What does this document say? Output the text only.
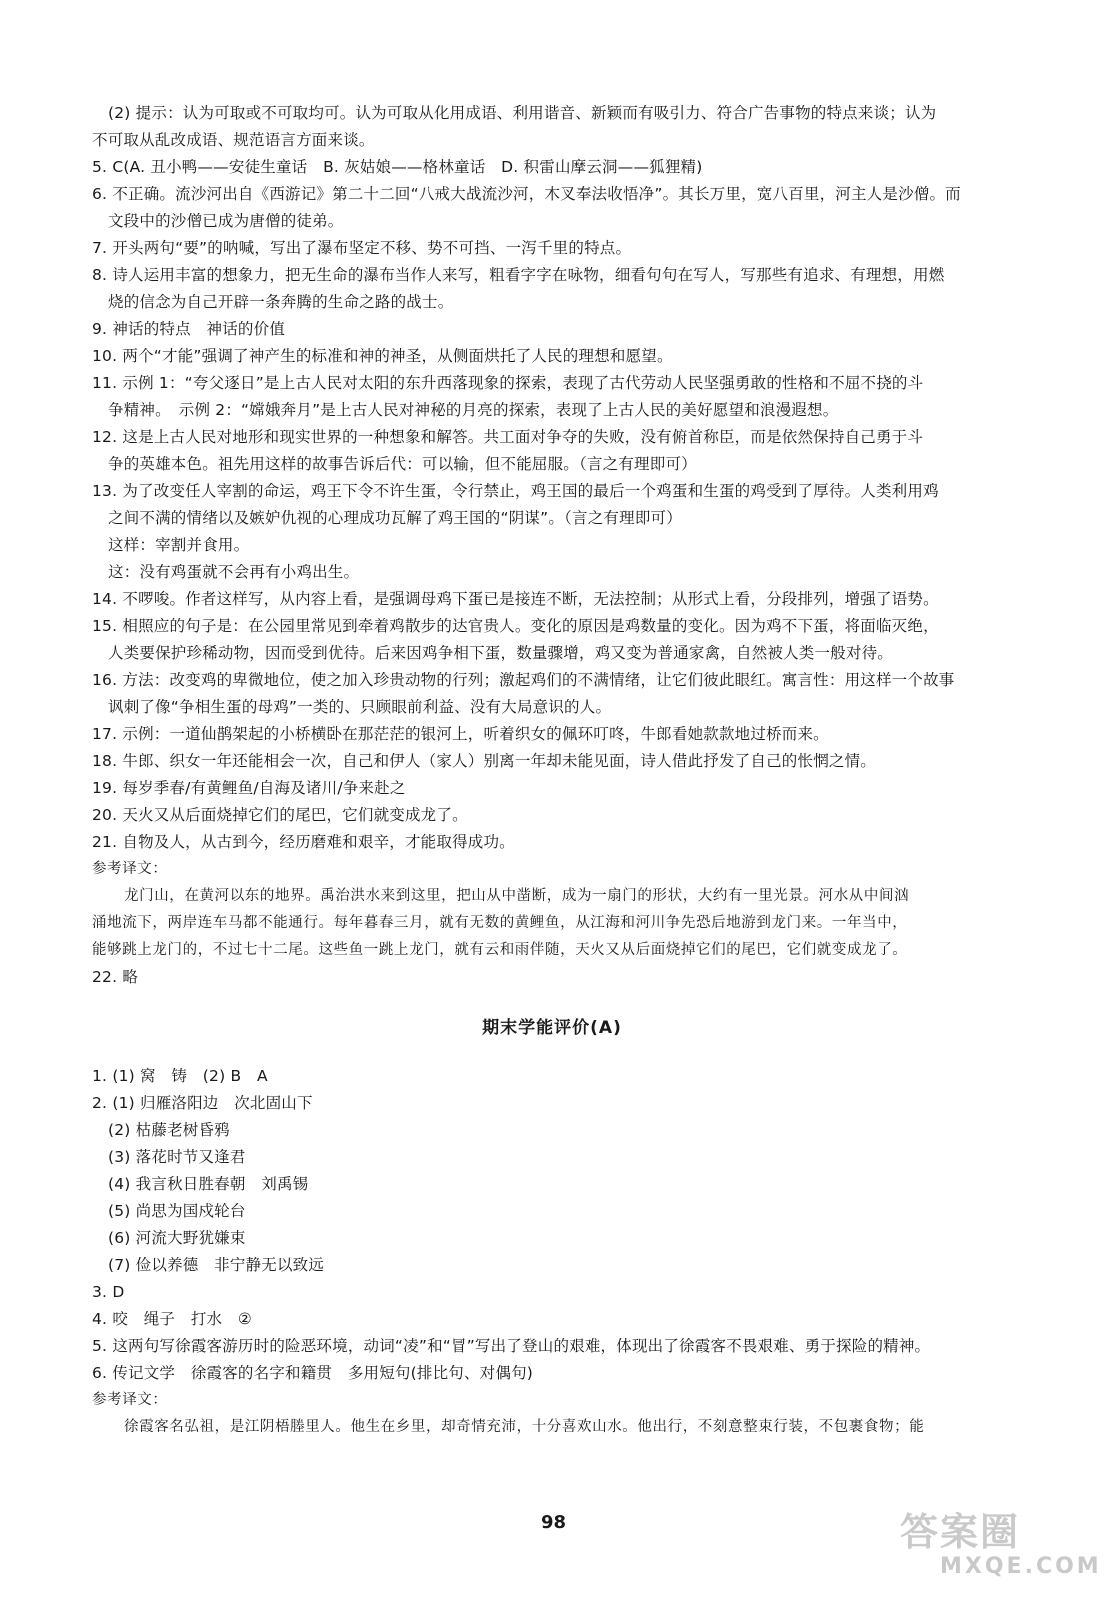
(2) 提示：认为可取或不可取均可。认为可取从化用成语、利用谐音、新颖而有吸引力、符合广告事物的特点来谈；认为
不可取从乱改成语、规范语言方面来谈。
5. C(A. 丑小鸭——安徒生童话　B. 灰姑娘——格林童话　D. 积雷山摩云洞——狐狸精)
6. 不正确。流沙河出自《西游记》第二十二回“八戒大战流沙河，木叉奉法收悟净”。其长万里，宽八百里，河主人是沙僧。而
文段中的沙僧已成为唐僧的徒弟。
7. 开头两句“要”的呐喊，写出了瀑布坚定不移、势不可挡、一泻千里的特点。
8. 诗人运用丰富的想象力，把无生命的瀑布当作人来写，粗看字字在咏物，细看句句在写人，写那些有追求、有理想，用燃
烧的信念为自己开辟一条奔腾的生命之路的战士。
9. 神话的特点　神话的价值
10. 两个“才能”强调了神产生的标准和神的神圣，从侧面烘托了人民的理想和愿望。
11. 示例 1：“夸父逐日”是上古人民对太阳的东升西落现象的探索，表现了古代劳动人民坚强勇敢的性格和不屈不挠的斗
争精神。　示例 2：“嫦娥奔月”是上古人民对神秘的月亮的探索，表现了上古人民的美好愿望和浪漫遐想。
12. 这是上古人民对地形和现实世界的一种想象和解答。共工面对争夺的失败，没有俯首称臣，而是依然保持自己勇于斗
争的英雄本色。祖先用这样的故事告诉后代：可以输，但不能屈服。（言之有理即可）
13. 为了改变任人宰割的命运，鸡王下令不许生蛋，令行禁止，鸡王国的最后一个鸡蛋和生蛋的鸡受到了厚待。人类利用鸡
之间不满的情绪以及嫉妒仇视的心理成功瓦解了鸡王国的“阴谋”。（言之有理即可）
这样：宰割并食用。
这：没有鸡蛋就不会再有小鸡出生。
14. 不啰唆。作者这样写，从内容上看，是强调母鸡下蛋已是接连不断，无法控制；从形式上看，分段排列，增强了语势。
15. 相照应的句子是：在公园里常见到牵着鸡散步的达官贵人。变化的原因是鸡数量的变化。因为鸡不下蛋，将面临灭绝，
人类要保护珍稀动物，因而受到优待。后来因鸡争相下蛋，数量骤增，鸡又变为普通家禽，自然被人类一般对待。
16. 方法：改变鸡的卑微地位，使之加入珍贵动物的行列；激起鸡们的不满情绪，让它们彼此眼红。寓言性：用这样一个故事
讽刺了像“争相生蛋的母鸡”一类的、只顾眼前利益、没有大局意识的人。
17. 示例：一道仙鹊架起的小桥横卧在那茫茫的银河上，听着织女的佩环叮咚，牛郎看她款款地过桥而来。
18. 牛郎、织女一年还能相会一次，自己和伊人（家人）别离一年却未能见面，诗人借此抒发了自己的怅惘之情。
19. 每岁季春/有黄鲤鱼/自海及诸川/争来赴之
20. 天火又从后面烧掉它们的尾巴，它们就变成龙了。
21. 自物及人，从古到今，经历磨难和艰辛，才能取得成功。
参考译文：
龙门山，在黄河以东的地界。禹治洪水来到这里，把山从中凿断，成为一扇门的形状，大约有一里光景。河水从中间汹
涌地流下，两岸连车马都不能通行。每年暮春三月，就有无数的黄鲤鱼，从江海和河川争先恐后地游到龙门来。一年当中，
能够跳上龙门的，不过七十二尾。这些鱼一跳上龙门，就有云和雨伴随，天火又从后面烧掉它们的尾巴，它们就变成龙了。
22. 略
期末学能评价(A)
1. (1) 窝　铸　(2) B　A
2. (1) 归雁洛阳边　次北固山下
(2) 枯藤老树昏鸦
(3) 落花时节又逢君
(4) 我言秋日胜春朝　刘禹锡
(5) 尚思为国戍轮台
(6) 河流大野犹嫌束
(7) 俭以养德　非宁静无以致远
3. D
4. 咬　绳子　打水　②
5. 这两句写徐霞客游历时的险恶环境，动词“凌”和“冒”写出了登山的艰难，体现出了徐霞客不畏艰难、勇于探险的精神。
6. 传记文学　徐霞客的名字和籍贯　多用短句(排比句、对偶句)
参考译文：
徐霞客名弘祖，是江阴梧塍里人。他生在乡里，却奇情充沛，十分喜欢山水。他出行，不刻意整束行装，不包裹食物；能
98	答案圈
MXQE.COM
